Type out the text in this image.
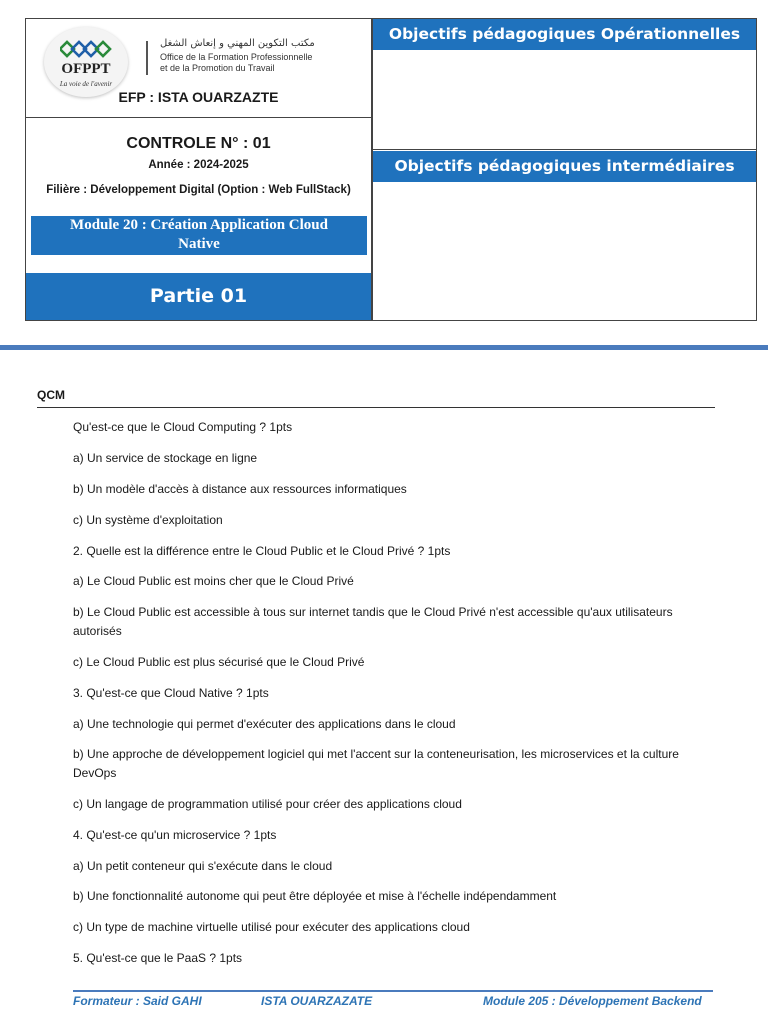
OFPPT
La voie de l'avenir
مكتب التكوين المهني و إنعاش الشغل
Office de la Formation Professionnelle
et de la Promotion du Travail
EFP : ISTA OUARZAZTE
CONTROLE N° : 01
Année : 2024-2025
Filière : Développement Digital (Option : Web FullStack)
Module 20 : Création Application Cloud
Native
Partie 01
Objectifs pédagogiques Opérationnelles
Objectifs pédagogiques intermédiaires
QCM

Qu'est-ce que le Cloud Computing ? 1pts

a) Un service de stockage en ligne

b) Un modèle d'accès à distance aux ressources informatiques

c) Un système d'exploitation

2. Quelle est la différence entre le Cloud Public et le Cloud Privé ? 1pts

a) Le Cloud Public est moins cher que le Cloud Privé

b) Le Cloud Public est accessible à tous sur internet tandis que le Cloud Privé n'est accessible qu'aux utilisateurs autorisés

c) Le Cloud Public est plus sécurisé que le Cloud Privé

3. Qu'est-ce que Cloud Native ? 1pts

a) Une technologie qui permet d'exécuter des applications dans le cloud

b) Une approche de développement logiciel qui met l'accent sur la conteneurisation, les microservices et la culture DevOps

c) Un langage de programmation utilisé pour créer des applications cloud

4. Qu'est-ce qu'un microservice ? 1pts

a) Un petit conteneur qui s'exécute dans le cloud

b) Une fonctionnalité autonome qui peut être déployée et mise à l'échelle indépendamment

c) Un type de machine virtuelle utilisé pour exécuter des applications cloud

5. Qu'est-ce que le PaaS ? 1pts

Formateur : Said GAHI	ISTA OUARZAZATE	Module 205 : Développement Backend
